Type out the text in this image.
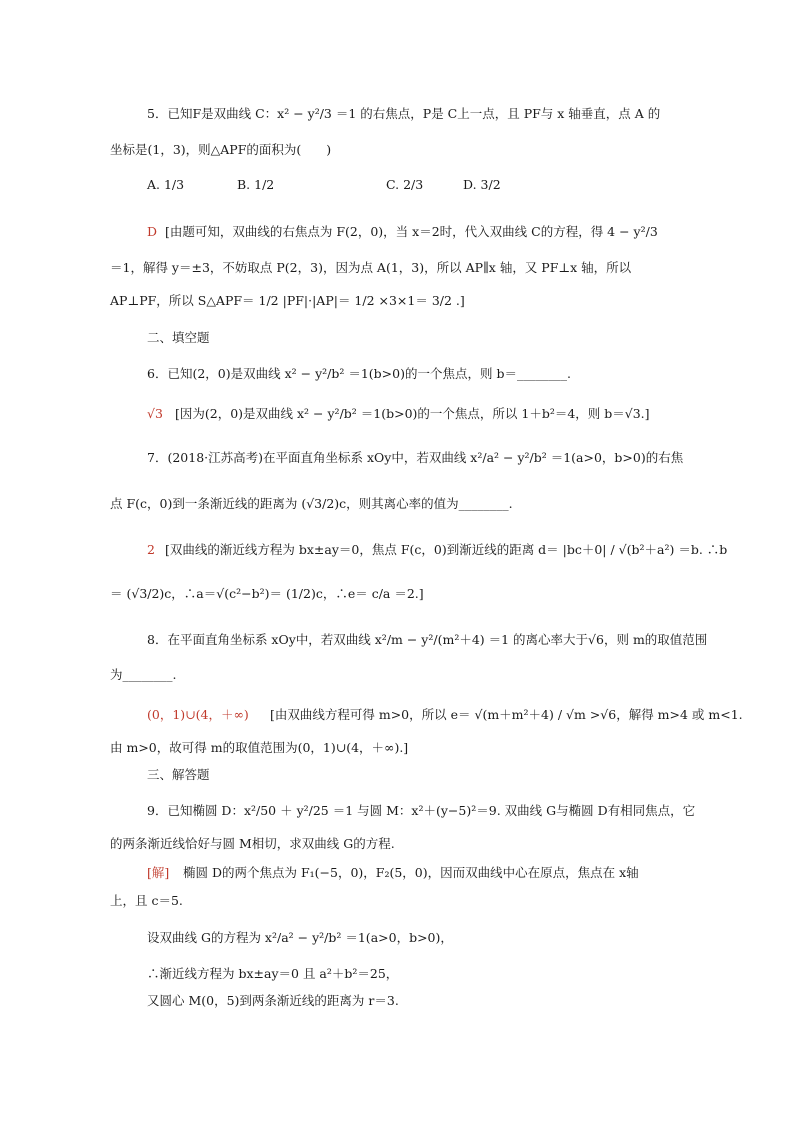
5．已知F是双曲线 C：x² − y²/3 ＝1 的右焦点，P是 C上一点，且 PF与 x 轴垂直，点 A 的
坐标是(1，3)，则△APF的面积为(　　)
A. 1/3	B. 1/2	C. 2/3	D. 3/2
D [由题可知，双曲线的右焦点为 F(2，0)，当 x＝2时，代入双曲线 C的方程，得 4 − y²/3
＝1，解得 y＝±3，不妨取点 P(2，3)，因为点 A(1，3)，所以 AP∥x 轴，又 PF⊥x 轴，所以
AP⊥PF，所以 S△APF＝ 1/2 |PF|·|AP|＝ 1/2 ×3×1＝ 3/2 .]
二、填空题
6．已知(2，0)是双曲线 x² − y²/b² ＝1(b>0)的一个焦点，则 b＝________.
√3 [因为(2，0)是双曲线 x² − y²/b² ＝1(b>0)的一个焦点，所以 1＋b²＝4，则 b＝√3.]
7．(2018·江苏高考)在平面直角坐标系 xOy中，若双曲线 x²/a² − y²/b² ＝1(a>0，b>0)的右焦
点 F(c，0)到一条渐近线的距离为 (√3/2)c，则其离心率的值为________.
2 [双曲线的渐近线方程为 bx±ay＝0，焦点 F(c，0)到渐近线的距离 d＝ |bc＋0| / √(b²＋a²) ＝b. ∴b
＝ (√3/2)c，∴a＝√(c²−b²)＝ (1/2)c，∴e＝ c/a ＝2.]
8．在平面直角坐标系 xOy中，若双曲线 x²/m − y²/(m²＋4) ＝1 的离心率大于√6，则 m的取值范围
为________.
(0，1)∪(4，＋∞) [由双曲线方程可得 m>0，所以 e＝ √(m＋m²＋4) / √m >√6，解得 m>4 或 m<1.
由 m>0，故可得 m的取值范围为(0，1)∪(4，＋∞).]
三、解答题
9．已知椭圆 D：x²/50 ＋ y²/25 ＝1 与圆 M：x²＋(y−5)²＝9. 双曲线 G与椭圆 D有相同焦点，它
的两条渐近线恰好与圆 M相切，求双曲线 G的方程.
[解] 椭圆 D的两个焦点为 F₁(−5，0)，F₂(5，0)，因而双曲线中心在原点，焦点在 x轴
上，且 c＝5.
设双曲线 G的方程为 x²/a² − y²/b² ＝1(a>0，b>0)，
∴渐近线方程为 bx±ay＝0 且 a²＋b²＝25，
又圆心 M(0，5)到两条渐近线的距离为 r＝3.
